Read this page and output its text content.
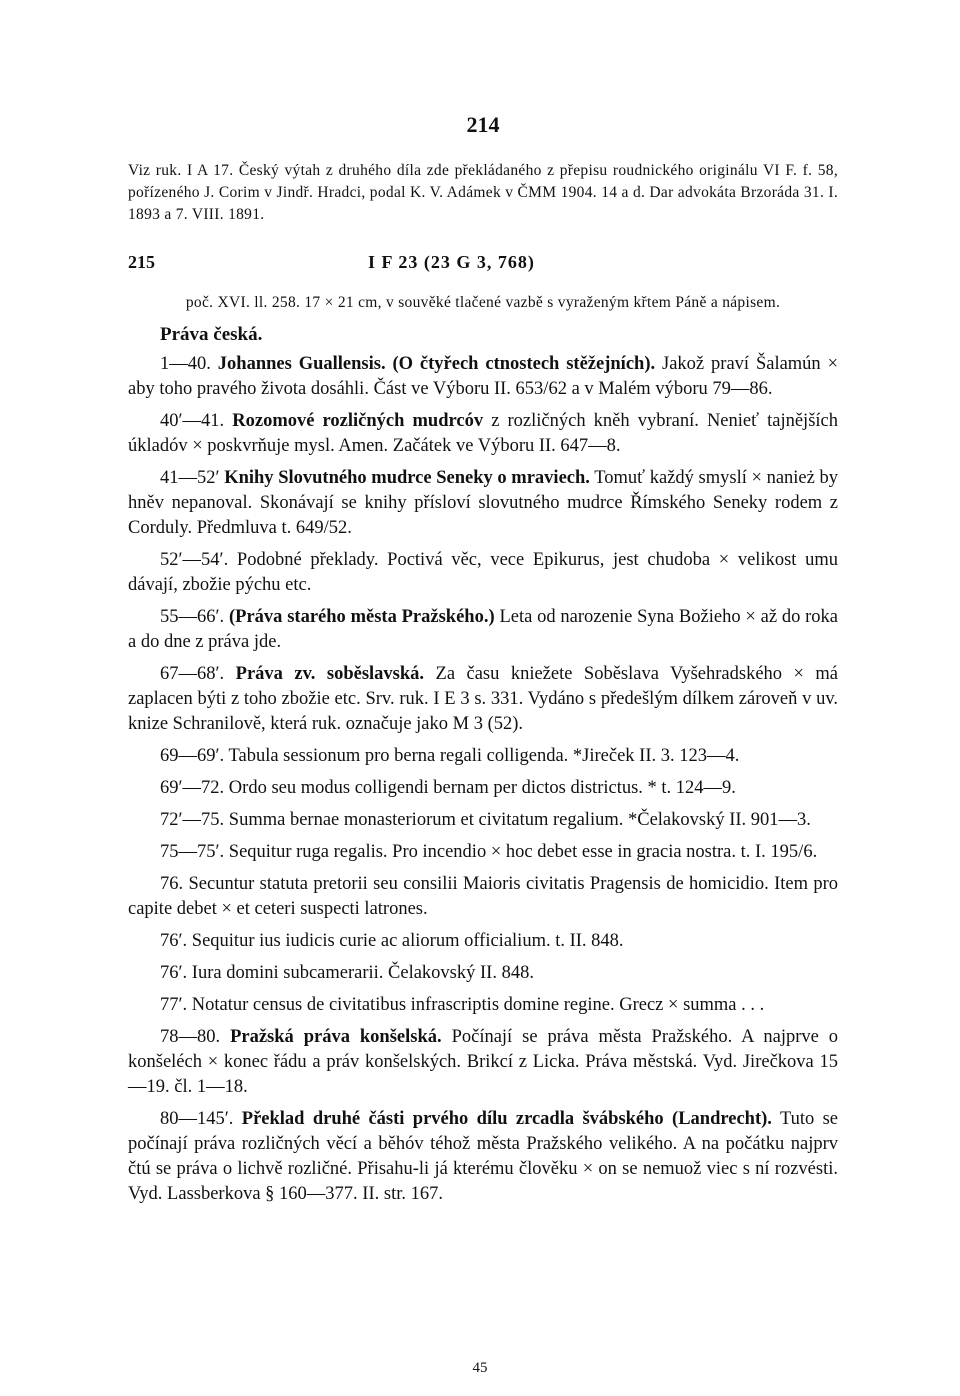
214

Viz ruk. I A 17. Český výtah z druhého díla zde překládaného z přepisu roudnického originálu VI F. f. 58, pořízeného J. Corim v Jindř. Hradci, podal K. V. Adámek v ČMM 1904. 14 a d. Dar advokáta Brzoráda 31. I. 1893 a 7. VIII. 1891.

215	I F 23 (23 G 3, 768)

poč. XVI. ll. 258. 17 × 21 cm, v souvěké tlačené vazbě s vyraženým křtem Páně a nápisem.

Práva česká.

1—40. Johannes Guallensis. (O čtyřech ctnostech stěžejních). Jakož praví Šalamún × aby toho pravého života dosáhli. Část ve Výboru II. 653/62 a v Malém výboru 79—86.

40′—41. Rozomové rozličných mudrcóv z rozličných kněh vybraní. Nenieť tajnějších úkladóv × poskvrňuje mysl. Amen. Začátek ve Výboru II. 647—8.

41—52′ Knihy Slovutného mudrce Seneky o mraviech. Tomuť každý smyslí × nanież by hněv nepanoval. Skonávají se knihy přísloví slovutného mudrce Římského Seneky rodem z Corduly. Předmluva t. 649/52.

52′—54′. Podobné překlady. Poctivá věc, vece Epikurus, jest chudoba × velikost umu dávají, zbožie pýchu etc.

55—66′. (Práva starého města Pražského.) Leta od narozenie Syna Božieho × až do roka a do dne z práva jde.

67—68′. Práva zv. soběslavská. Za času kniežete Soběslava Vyšehradského × má zaplacen býti z toho zbožie etc. Srv. ruk. I E 3 s. 331. Vydáno s předešlým dílkem zároveň v uv. knize Schranilově, která ruk. označuje jako M 3 (52).

69—69′. Tabula sessionum pro berna regali colligenda. *Jireček II. 3. 123—4.

69′—72. Ordo seu modus colligendi bernam per dictos districtus. * t. 124—9.

72′—75. Summa bernae monasteriorum et civitatum regalium. *Čelakovský II. 901—3.

75—75′. Sequitur ruga regalis. Pro incendio × hoc debet esse in gracia nostra. t. I. 195/6.

76. Secuntur statuta pretorii seu consilii Maioris civitatis Pragensis de homicidio. Item pro capite debet × et ceteri suspecti latrones.

76′. Sequitur ius iudicis curie ac aliorum officialium. t. II. 848.

76′. Iura domini subcamerarii. Čelakovský II. 848.

77′. Notatur census de civitatibus infrascriptis domine regine. Grecz × summa . . .

78—80. Pražská práva konšelská. Počínají se práva města Pražského. A najprve o konšeléch × konec řádu a práv konšelských. Brikcí z Licka. Práva městská. Vyd. Jirečkova 15—19. čl. 1—18.

80—145′. Překlad druhé části prvého dílu zrcadla švábského (Landrecht). Tuto se počínají práva rozličných věcí a běhóv téhož města Pražského velikého. A na počátku najprv čtú se práva o lichvě rozličné. Přisahu-li já kterému člověku × on se nemuož viec s ní rozvésti. Vyd. Lassberkova § 160—377. II. str. 167.

45
